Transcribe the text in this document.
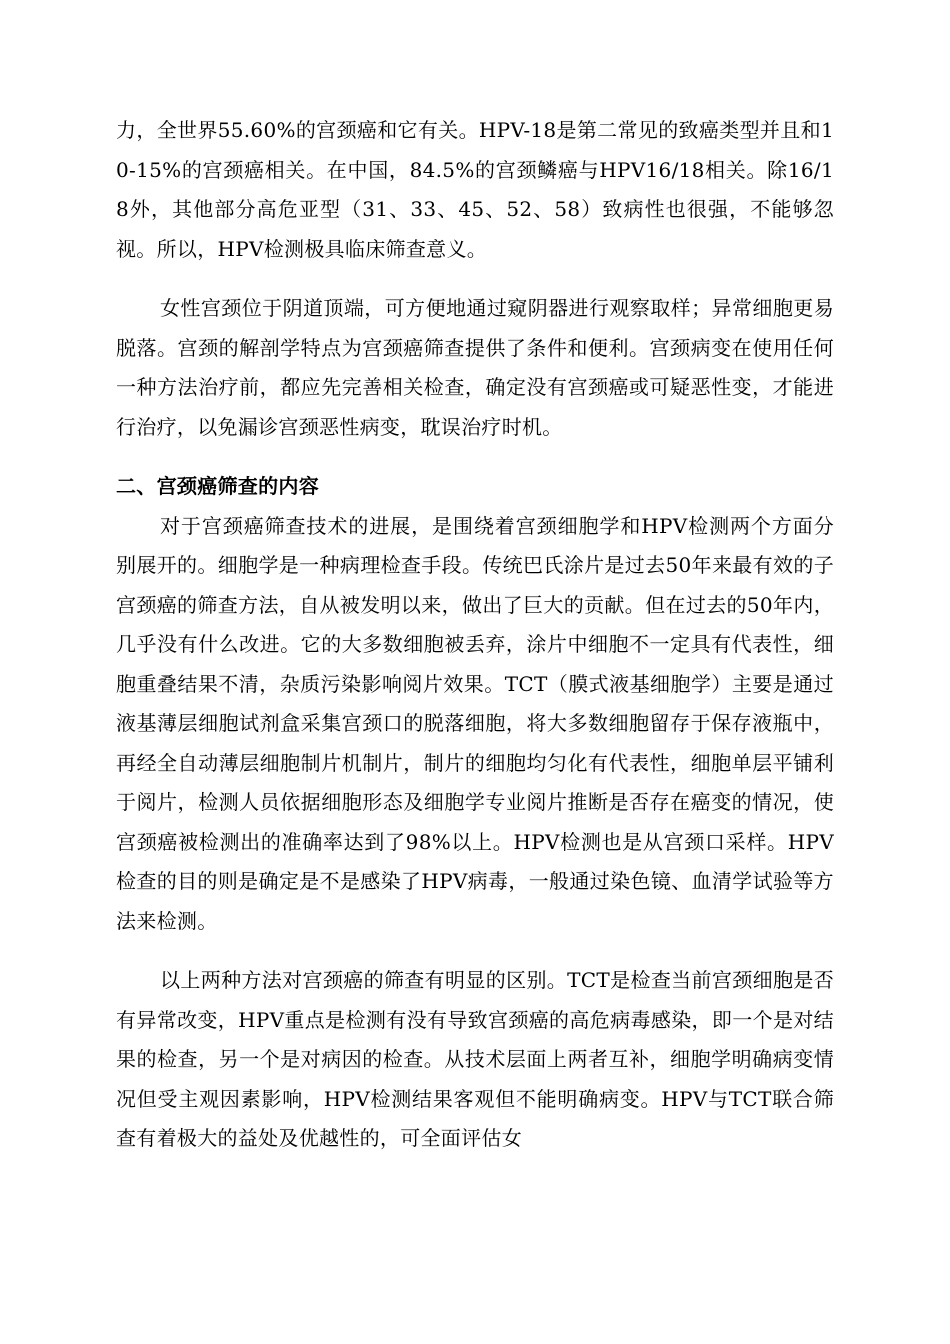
力，全世界55.60%的宫颈癌和它有关。HPV-18是第二常见的致癌类型并且和10-15%的宫颈癌相关。在中国，84.5%的宫颈鳞癌与HPV16/18相关。除16/18外，其他部分高危亚型（31、33、45、52、58）致病性也很强，不能够忽视。所以，HPV检测极具临床筛查意义。

女性宫颈位于阴道顶端，可方便地通过窥阴器进行观察取样；异常细胞更易脱落。宫颈的解剖学特点为宫颈癌筛查提供了条件和便利。宫颈病变在使用任何一种方法治疗前，都应先完善相关检查，确定没有宫颈癌或可疑恶性变，才能进行治疗，以免漏诊宫颈恶性病变，耽误治疗时机。

二、宫颈癌筛查的内容

对于宫颈癌筛查技术的进展，是围绕着宫颈细胞学和HPV检测两个方面分别展开的。细胞学是一种病理检查手段。传统巴氏涂片是过去50年来最有效的子宫颈癌的筛查方法，自从被发明以来，做出了巨大的贡献。但在过去的50年内，几乎没有什么改进。它的大多数细胞被丢弃，涂片中细胞不一定具有代表性，细胞重叠结果不清，杂质污染影响阅片效果。TCT（膜式液基细胞学）主要是通过液基薄层细胞试剂盒采集宫颈口的脱落细胞，将大多数细胞留存于保存液瓶中，再经全自动薄层细胞制片机制片，制片的细胞均匀化有代表性，细胞单层平铺利于阅片，检测人员依据细胞形态及细胞学专业阅片推断是否存在癌变的情况，使宫颈癌被检测出的准确率达到了98%以上。HPV检测也是从宫颈口采样。HPV检查的目的则是确定是不是感染了HPV病毒，一般通过染色镜、血清学试验等方法来检测。

以上两种方法对宫颈癌的筛查有明显的区别。TCT是检查当前宫颈细胞是否有异常改变，HPV重点是检测有没有导致宫颈癌的高危病毒感染，即一个是对结果的检查，另一个是对病因的检查。从技术层面上两者互补，细胞学明确病变情况但受主观因素影响，HPV检测结果客观但不能明确病变。HPV与TCT联合筛查有着极大的益处及优越性的，可全面评估女
